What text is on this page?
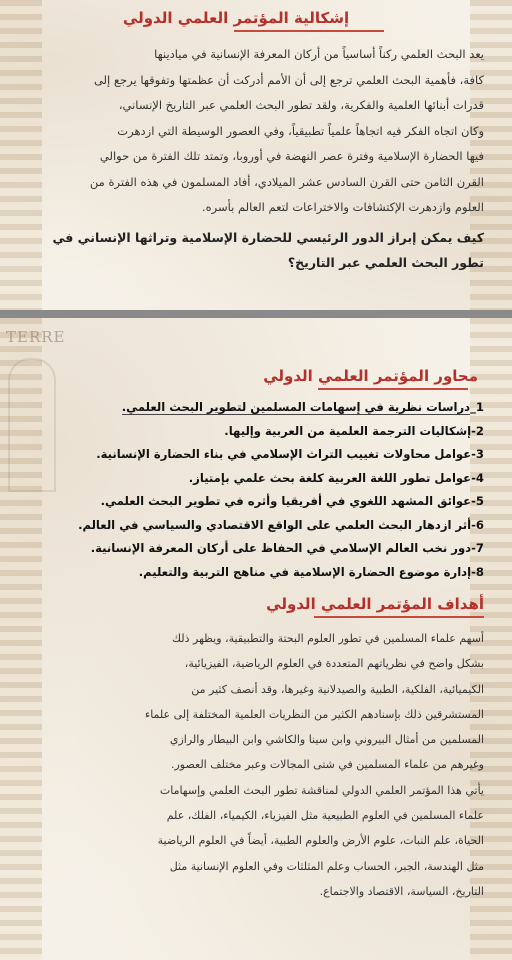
إشكالية المؤتمر العلمي الدولي

يعد البحث العلمي ركناً أساسياً من أركان المعرفة الإنسانية في ميادينها

كافة، فأهمية البحث العلمي ترجع إلى أن الأمم أدركت أن عظمتها وتفوقها يرجع إلى

قدرات أبنائها العلمية والفكرية، ولقد تطور البحث العلمي عبر التاريخ الإنساني،

وكان اتجاه الفكر فيه اتجاهاً علمياً تطبيقياً، وفي العصور الوسيطة التي ازدهرت

فيها الحضارة الإسلامية وفترة عصر النهضة في أوروبا، وتمتد تلك الفترة من حوالي

القرن الثامن حتى القرن السادس عشر الميلادي، أفاد المسلمون في هذه الفترة من

العلوم وازدهرت الإكتشافات والاختراعات لتعم العالم بأسره.

كيف يمكن إبراز الدور الرئيسي للحضارة الإسلامية وتراثها الإنساني في تطور البحث العلمي عبر التاريخ؟
TERRE
محاور المؤتمر العلمي الدولي
1_دراسات نظرية في إسهامات المسلمين لتطوير البحث العلمي.
2-إشكاليات الترجمة العلمية من العربية وإليها.
3-عوامل محاولات تغييب التراث الإسلامي في بناء الحضارة الإنسانية.
4-عوامل تطور اللغة العربية كلغة بحث علمي بإمتياز.
5-عوائق المشهد اللغوي في أفريقيا وأثره في تطوير البحث العلمي.
6-أثر ازدهار البحث العلمي على الواقع الاقتصادي والسياسي في العالم.
7-دور نخب العالم الإسلامي في الحفاظ على أركان المعرفة الإنسانية.
8-إدارة موضوع الحضارة الإسلامية في مناهج التربية والتعليم.
أهداف المؤتمر العلمي الدولي

أسهم علماء المسلمين في تطور العلوم البحتة والتطبيقية، ويظهر ذلك

بشكل واضح في نظرياتهم المتعددة في العلوم الرياضية، الفيزيائية،

الكيميائية، الفلكية، الطبية والصيدلانية وغيرها، وقد أنصف كثير من

المستشرقين ذلك بإسنادهم الكثير من النظريات العلمية المختلفة إلى علماء

المسلمين من أمثال البيروني وابن سينا والكاشي وابن البيطار والرازي

وغيرهم من علماء المسلمين في شتى المجالات وعبر مختلف العصور.

يأتي هذا المؤتمر العلمي الدولي لمناقشة تطور البحث العلمي وإسهامات

علماء المسلمين في العلوم الطبيعية مثل الفيزياء، الكيمياء، الفلك، علم

الحياة، علم النبات، علوم الأرض والعلوم الطبية، أيضاً في العلوم الرياضية

مثل الهندسة، الجبر، الحساب وعلم المثلثات وفي العلوم الإنسانية مثل

التاريخ، السياسة، الاقتصاد والاجتماع.
